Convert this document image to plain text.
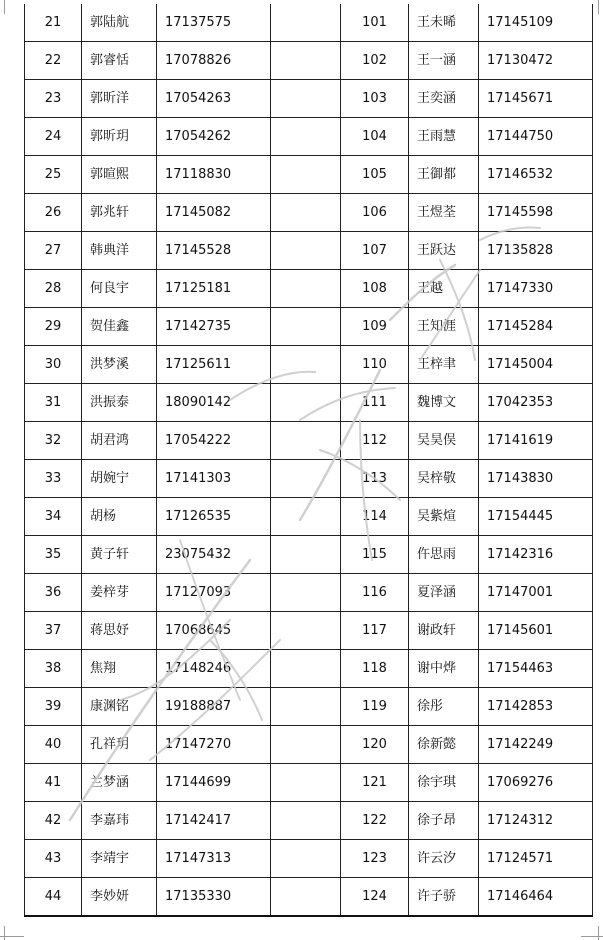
21	郭陆航	17137575		101	王未晞	17145109
22	郭睿恬	17078826		102	王一涵	17130472
23	郭昕洋	17054263		103	王奕涵	17145671
24	郭昕玥	17054262		104	王雨慧	17144750
25	郭暄熙	17118830		105	王御都	17146532
26	郭兆轩	17145082		106	王煜荃	17145598
27	韩典洋	17145528		107	王跃达	17135828
28	何良宇	17125181		108	王越	17147330
29	贺佳鑫	17142735		109	王知涯	17145284
30	洪梦溪	17125611		110	王梓聿	17145004
31	洪振泰	18090142		111	魏博文	17042353
32	胡君鸿	17054222		112	吴昊俣	17141619
33	胡婉宁	17141303		113	吴梓敬	17143830
34	胡杨	17126535		114	吴紫煊	17154445
35	黄子轩	23075432		115	仵思雨	17142316
36	姜梓芽	17127093		116	夏泽涵	17147001
37	蒋思妤	17068645		117	谢政轩	17145601
38	焦翔	17148246		118	谢中烨	17154463
39	康渊铭	19188887		119	徐彤	17142853
40	孔祥玥	17147270		120	徐新懿	17142249
41	兰梦涵	17144699		121	徐宇琪	17069276
42	李嘉玮	17142417		122	徐子昂	17124312
43	李靖宇	17147313		123	许云汐	17124571
44	李妙妍	17135330		124	许子骄	17146464
